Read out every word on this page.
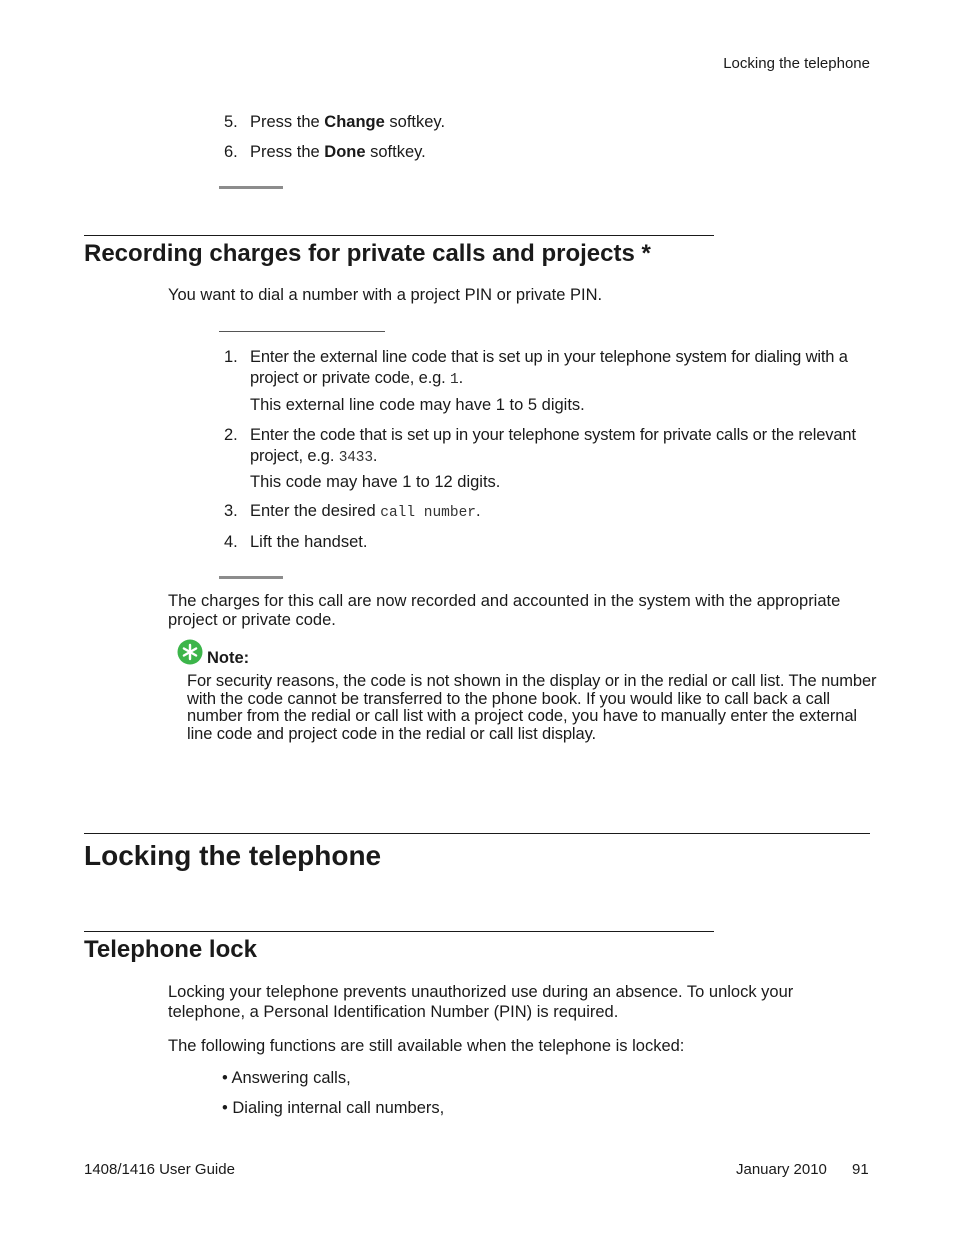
Locking the telephone
5. Press the Change softkey.
6. Press the Done softkey.
Recording charges for private calls and projects *
You want to dial a number with a project PIN or private PIN.
1. Enter the external line code that is set up in your telephone system for dialing with a project or private code, e.g. 1.
This external line code may have 1 to 5 digits.
2. Enter the code that is set up in your telephone system for private calls or the relevant project, e.g. 3433.
This code may have 1 to 12 digits.
3. Enter the desired call number.
4. Lift the handset.
The charges for this call are now recorded and accounted in the system with the appropriate project or private code.
Note:
For security reasons, the code is not shown in the display or in the redial or call list. The number with the code cannot be transferred to the phone book. If you would like to call back a call number from the redial or call list with a project code, you have to manually enter the external line code and project code in the redial or call list display.
Locking the telephone
Telephone lock
Locking your telephone prevents unauthorized use during an absence. To unlock your telephone, a Personal Identification Number (PIN) is required.
The following functions are still available when the telephone is locked:
• Answering calls,
• Dialing internal call numbers,
1408/1416 User Guide	January 2010 91
